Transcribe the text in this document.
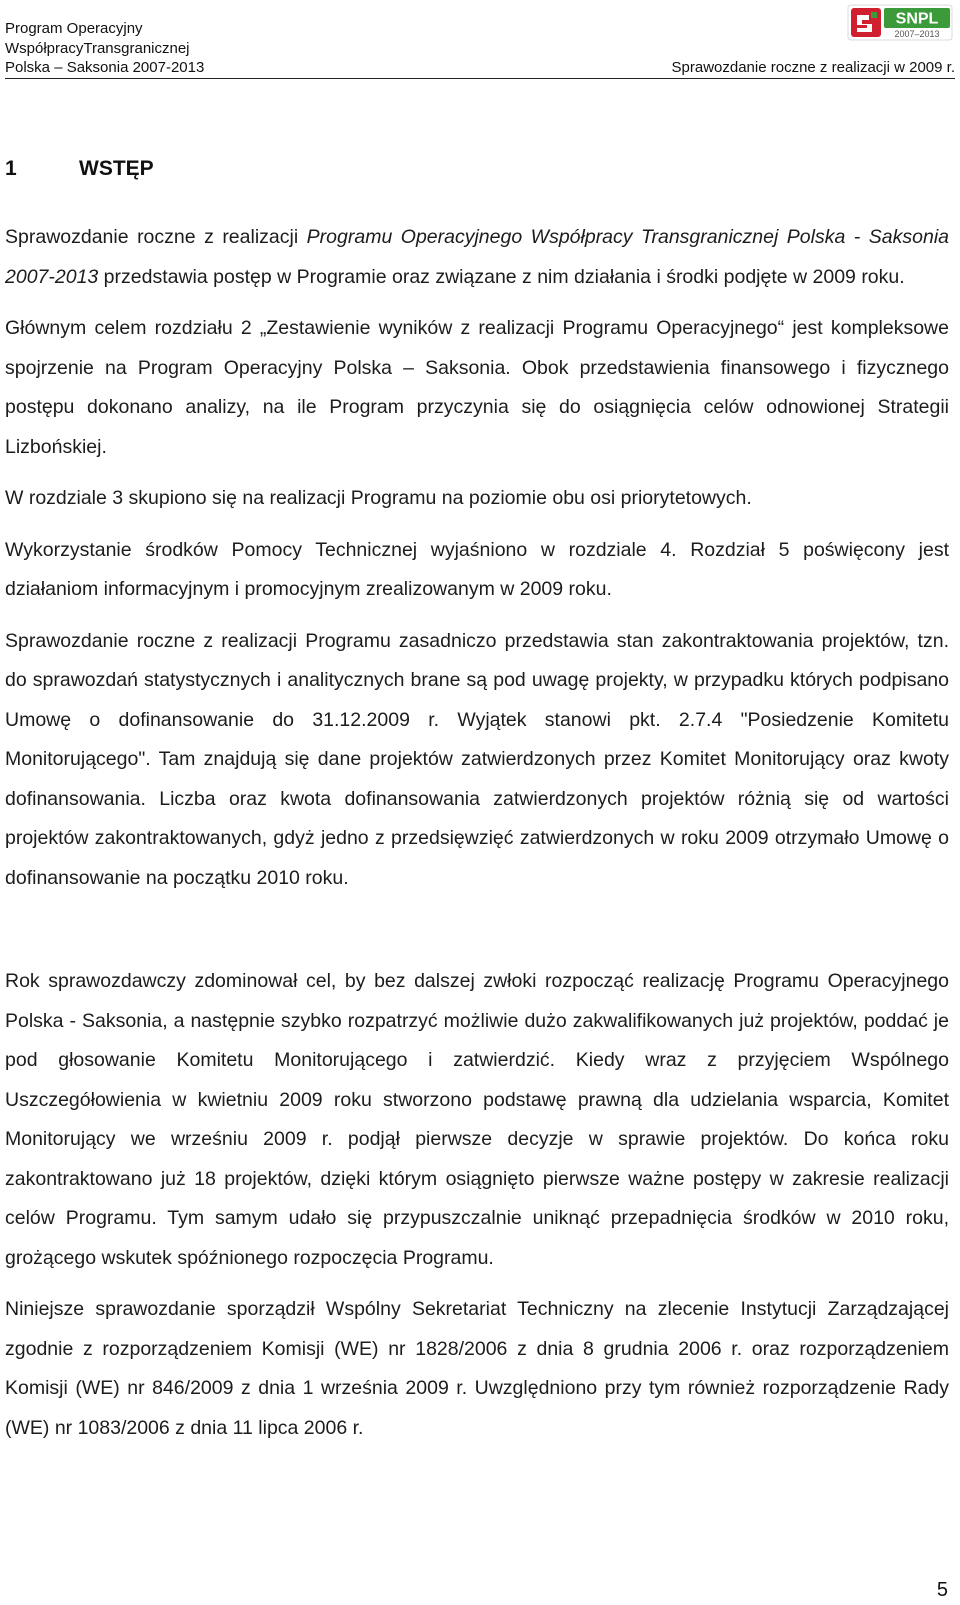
Program Operacyjny
WspółpracyTransgranicznej
Polska – Saksonia 2007-2013	Sprawozdanie roczne z realizacji w 2009 r.
SNPL
2007–2013
1	WSTĘP

Sprawozdanie roczne z realizacji Programu Operacyjnego Współpracy Transgranicznej Polska - Saksonia 2007-2013 przedstawia postęp w Programie oraz związane z nim działania i środki podjęte w 2009 roku.

Głównym celem rozdziału 2 „Zestawienie wyników z realizacji Programu Operacyjnego“ jest kompleksowe spojrzenie na Program Operacyjny Polska – Saksonia. Obok przedstawienia finansowego i fizycznego postępu dokonano analizy, na ile Program przyczynia się do osiągnięcia celów odnowionej Strategii Lizbońskiej.

W rozdziale 3 skupiono się na realizacji Programu na poziomie obu osi priorytetowych.

Wykorzystanie środków Pomocy Technicznej wyjaśniono w rozdziale 4. Rozdział 5 poświęcony jest działaniom informacyjnym i promocyjnym zrealizowanym w 2009 roku.

Sprawozdanie roczne z realizacji Programu zasadniczo przedstawia stan zakontraktowania projektów, tzn. do sprawozdań statystycznych i analitycznych brane są pod uwagę projekty, w przypadku których podpisano Umowę o dofinansowanie do 31.12.2009 r. Wyjątek stanowi pkt. 2.7.4 "Posiedzenie Komitetu Monitorującego". Tam znajdują się dane projektów zatwierdzonych przez Komitet Monitorujący oraz kwoty dofinansowania. Liczba oraz kwota dofinansowania zatwierdzonych projektów różnią się od wartości projektów zakontraktowanych, gdyż jedno z przedsięwzięć zatwierdzonych w roku 2009 otrzymało Umowę o dofinansowanie na początku 2010 roku.

Rok sprawozdawczy zdominował cel, by bez dalszej zwłoki rozpocząć realizację Programu Operacyjnego Polska - Saksonia, a następnie szybko rozpatrzyć możliwie dużo zakwalifikowanych już projektów, poddać je pod głosowanie Komitetu Monitorującego i zatwierdzić. Kiedy wraz z przyjęciem Wspólnego Uszczegółowienia w kwietniu 2009 roku stworzono podstawę prawną dla udzielania wsparcia, Komitet Monitorujący we wrześniu 2009 r. podjął pierwsze decyzje w sprawie projektów. Do końca roku zakontraktowano już 18 projektów, dzięki którym osiągnięto pierwsze ważne postępy w zakresie realizacji celów Programu. Tym samym udało się przypuszczalnie uniknąć przepadnięcia środków w 2010 roku, grożącego wskutek spóźnionego rozpoczęcia Programu.

Niniejsze sprawozdanie sporządził Wspólny Sekretariat Techniczny na zlecenie Instytucji Zarządzającej zgodnie z rozporządzeniem Komisji (WE) nr 1828/2006 z dnia 8 grudnia 2006 r. oraz rozporządzeniem Komisji (WE) nr 846/2009 z dnia 1 września 2009 r. Uwzględniono przy tym również rozporządzenie Rady (WE) nr 1083/2006 z dnia 11 lipca 2006 r.

5
